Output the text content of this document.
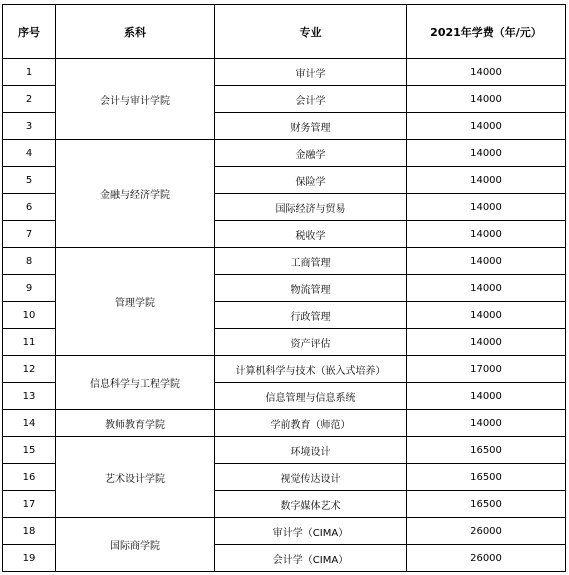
序号	系科	专业	2021年学费（年/元）
1	会计与审计学院	审计学	14000
2		会计学	14000
3		财务管理	14000
4	金融与经济学院	金融学	14000
5		保险学	14000
6		国际经济与贸易	14000
7		税收学	14000
8	管理学院	工商管理	14000
9		物流管理	14000
10		行政管理	14000
11		资产评估	14000
12	信息科学与工程学院	计算机科学与技术（嵌入式培养）	17000
13		信息管理与信息系统	14000
14	教师教育学院	学前教育（师范）	14000
15	艺术设计学院	环境设计	16500
16		视觉传达设计	16500
17		数字媒体艺术	16500
18	国际商学院	审计学（CIMA）	26000
19		会计学（CIMA）	26000
